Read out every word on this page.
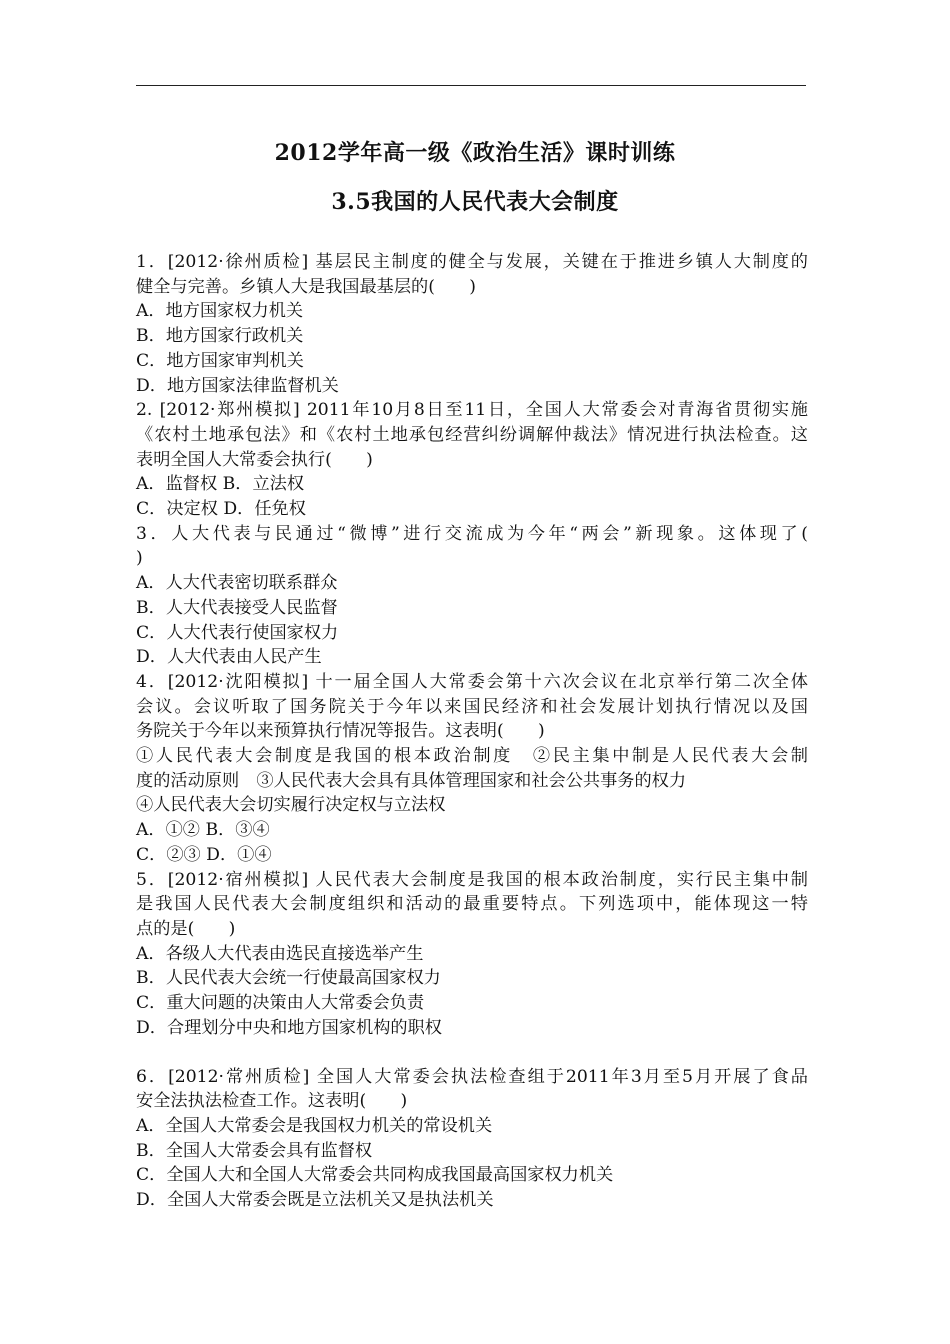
2012学年高一级《政治生活》课时训练
3.5我国的人民代表大会制度
1．[2012·徐州质检] 基层民主制度的健全与发展，关键在于推进乡镇人大制度的
健全与完善。乡镇人大是我国最基层的(　　)
A．地方国家权力机关
B．地方国家行政机关
C．地方国家审判机关
D．地方国家法律监督机关
2. [2012·郑州模拟] 2011年10月8日至11日，全国人大常委会对青海省贯彻实施
《农村土地承包法》和《农村土地承包经营纠纷调解仲裁法》情况进行执法检查。这
表明全国人大常委会执行(　　)
A．监督权 B．立法权
C．决定权 D．任免权
3．人大代表与民通过“微博”进行交流成为今年“两会”新现象。这体现了(
)
A．人大代表密切联系群众
B．人大代表接受人民监督
C．人大代表行使国家权力
D．人大代表由人民产生
4．[2012·沈阳模拟] 十一届全国人大常委会第十六次会议在北京举行第二次全体
会议。会议听取了国务院关于今年以来国民经济和社会发展计划执行情况以及国
务院关于今年以来预算执行情况等报告。这表明(　　)
①人民代表大会制度是我国的根本政治制度　②民主集中制是人民代表大会制
度的活动原则　③人民代表大会具有具体管理国家和社会公共事务的权力
④人民代表大会切实履行决定权与立法权
A．①② B．③④
C．②③ D．①④
5．[2012·宿州模拟] 人民代表大会制度是我国的根本政治制度，实行民主集中制
是我国人民代表大会制度组织和活动的最重要特点。下列选项中，能体现这一特
点的是(　　)
A．各级人大代表由选民直接选举产生
B．人民代表大会统一行使最高国家权力
C．重大问题的决策由人大常委会负责
D．合理划分中央和地方国家机构的职权
6．[2012·常州质检] 全国人大常委会执法检查组于2011年3月至5月开展了食品
安全法执法检查工作。这表明(　　)
A．全国人大常委会是我国权力机关的常设机关
B．全国人大常委会具有监督权
C．全国人大和全国人大常委会共同构成我国最高国家权力机关
D．全国人大常委会既是立法机关又是执法机关
